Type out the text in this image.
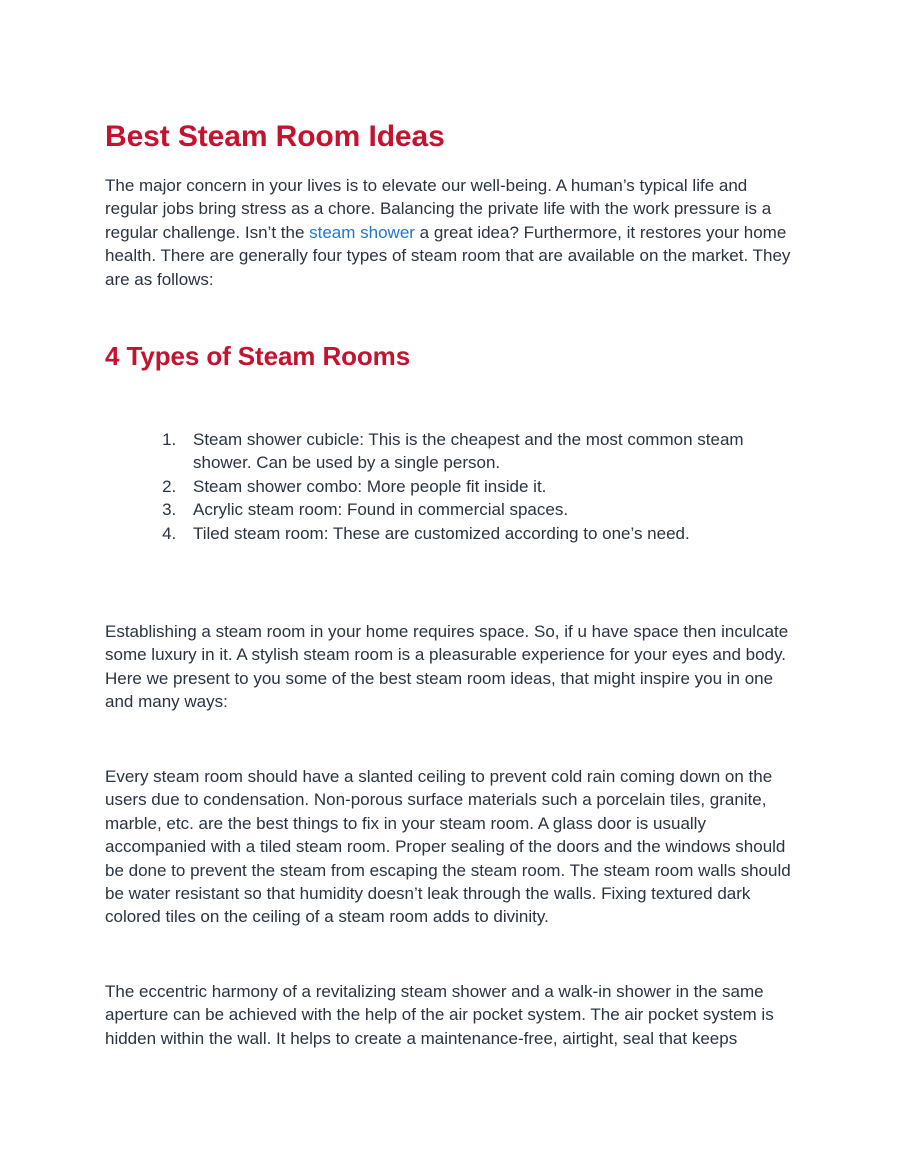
Best Steam Room Ideas

The major concern in your lives is to elevate our well-being. A human’s typical life and regular jobs bring stress as a chore. Balancing the private life with the work pressure is a regular challenge. Isn’t the steam shower a great idea? Furthermore, it restores your home health. There are generally four types of steam room that are available on the market. They are as follows:

4 Types of Steam Rooms
1. Steam shower cubicle: This is the cheapest and the most common steam shower. Can be used by a single person.
2. Steam shower combo: More people fit inside it.
3. Acrylic steam room: Found in commercial spaces.
4. Tiled steam room: These are customized according to one’s need.

Establishing a steam room in your home requires space. So, if u have space then inculcate some luxury in it. A stylish steam room is a pleasurable experience for your eyes and body. Here we present to you some of the best steam room ideas, that might inspire you in one and many ways:

Every steam room should have a slanted ceiling to prevent cold rain coming down on the users due to condensation. Non-porous surface materials such a porcelain tiles, granite, marble, etc. are the best things to fix in your steam room. A glass door is usually accompanied with a tiled steam room. Proper sealing of the doors and the windows should be done to prevent the steam from escaping the steam room. The steam room walls should be water resistant so that humidity doesn’t leak through the walls. Fixing textured dark colored tiles on the ceiling of a steam room adds to divinity.

The eccentric harmony of a revitalizing steam shower and a walk-in shower in the same aperture can be achieved with the help of the air pocket system. The air pocket system is hidden within the wall. It helps to create a maintenance-free, airtight, seal that keeps
